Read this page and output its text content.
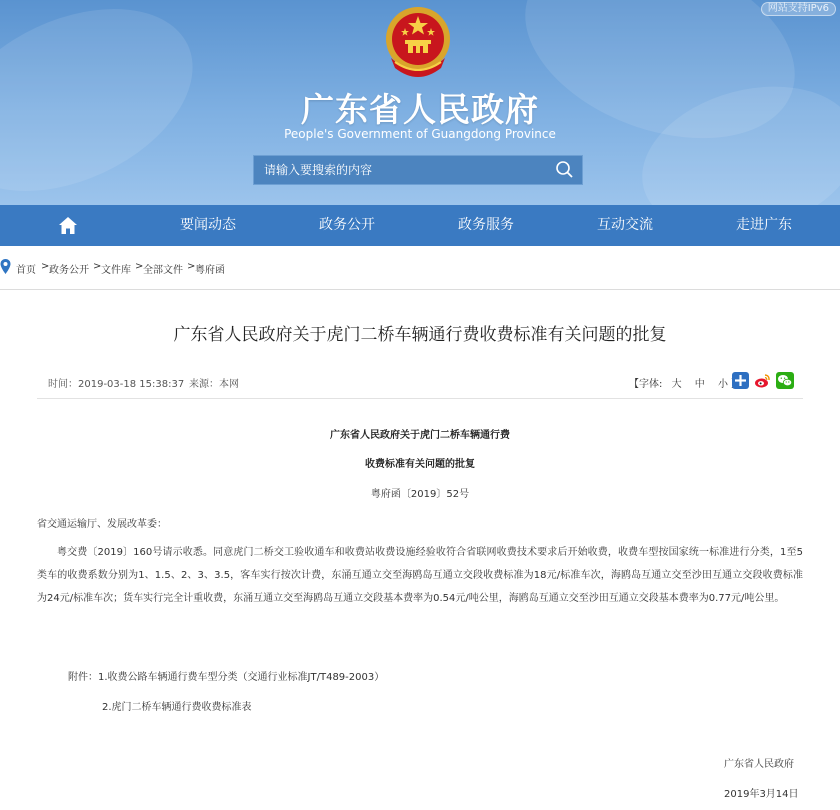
网站支持IPv6
广东省人民政府
People's Government of Guangdong Province
请输入要搜索的内容
要闻动态	政务公开	政务服务	互动交流	走进广东
首页 > 政务公开 > 文件库 > 全部文件 > 粤府函
广东省人民政府关于虎门二桥车辆通行费收费标准有关问题的批复
时间：2019-03-18 15:38:37 来源：本网	【字体: 大 中 小
广东省人民政府关于虎门二桥车辆通行费
收费标准有关问题的批复
粤府函〔2019〕52号
省交通运输厅、发展改革委：
粤交费〔2019〕160号请示收悉。同意虎门二桥交工验收通车和收费站收费设施经验收符合省联网收费技术要求后开始收费，收费车型按国家统一标准进行分类，1至5类车的收费系数分别为1、1.5、2、3、3.5，客车实行按次计费，东涌互通立交至海鸥岛互通立交段收费标准为18元/标准车次，海鸥岛互通立交至沙田互通立交段收费标准为24元/标准车次；货车实行完全计重收费，东涌互通立交至海鸥岛互通立交段基本费率为0.54元/吨公里，海鸥岛互通立交至沙田互通立交段基本费率为0.77元/吨公里。
附件：1.收费公路车辆通行费车型分类（交通行业标准JT/T489-2003）
2.虎门二桥车辆通行费收费标准表
广东省人民政府
2019年3月14日
